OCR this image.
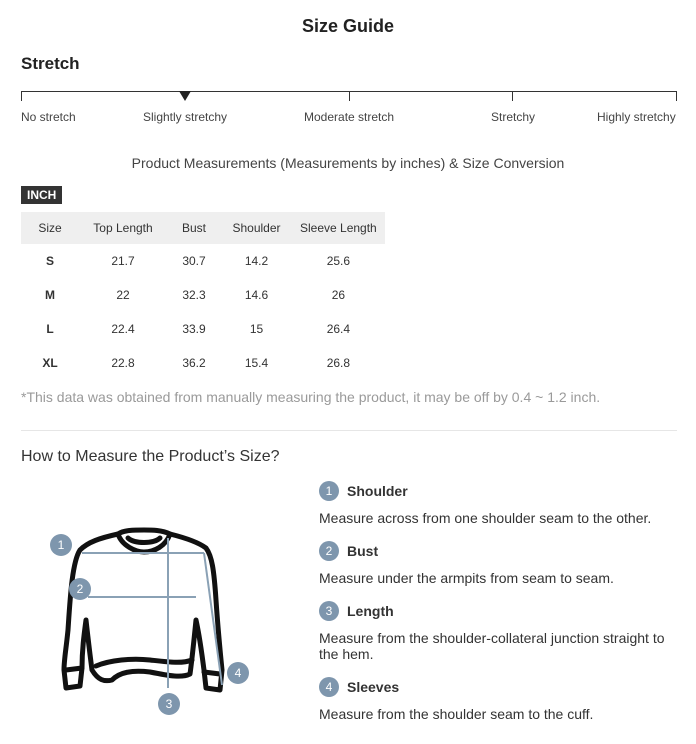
Size Guide
Stretch
No stretch	Slightly stretchy	Moderate stretch	Stretchy	Highly stretchy
Product Measurements (Measurements by inches) & Size Conversion
INCH
Size	Top Length	Bust	Shoulder	Sleeve Length
S	21.7	30.7	14.2	25.6
M	22	32.3	14.6	26
L	22.4	33.9	15	26.4
XL	22.8	36.2	15.4	26.8
*This data was obtained from manually measuring the product, it may be off by 0.4 ~ 1.2 inch.
How to Measure the Product’s Size?
1
2
3
4
1	Shoulder
Measure across from one shoulder seam to the other.
2	Bust
Measure under the armpits from seam to seam.
3	Length
Measure from the shoulder-collateral junction straight to the hem.
4	Sleeves
Measure from the shoulder seam to the cuff.
